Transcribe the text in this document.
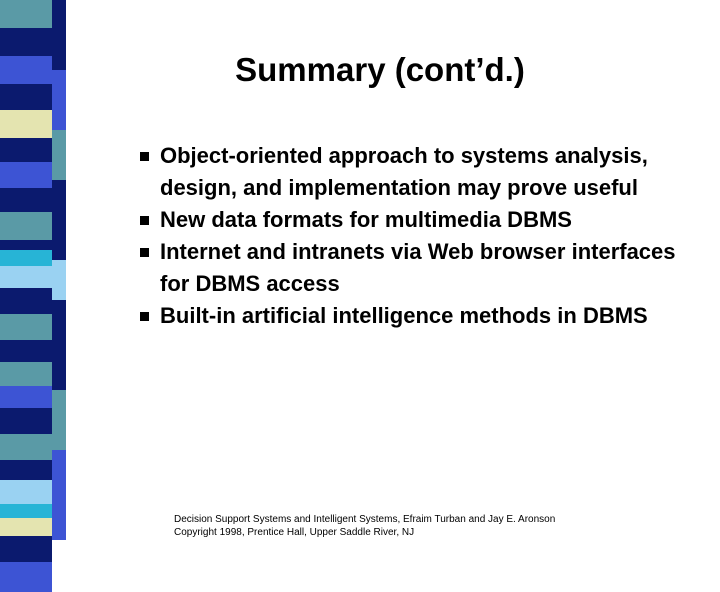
Summary (cont’d.)
Object-oriented approach to systems analysis, design, and implementation may prove useful
New data formats for multimedia DBMS
Internet and intranets via Web browser interfaces for DBMS access
Built-in artificial intelligence methods in DBMS
Decision Support Systems and Intelligent Systems, Efraim Turban and Jay E. Aronson
Copyright 1998, Prentice Hall, Upper Saddle River, NJ
